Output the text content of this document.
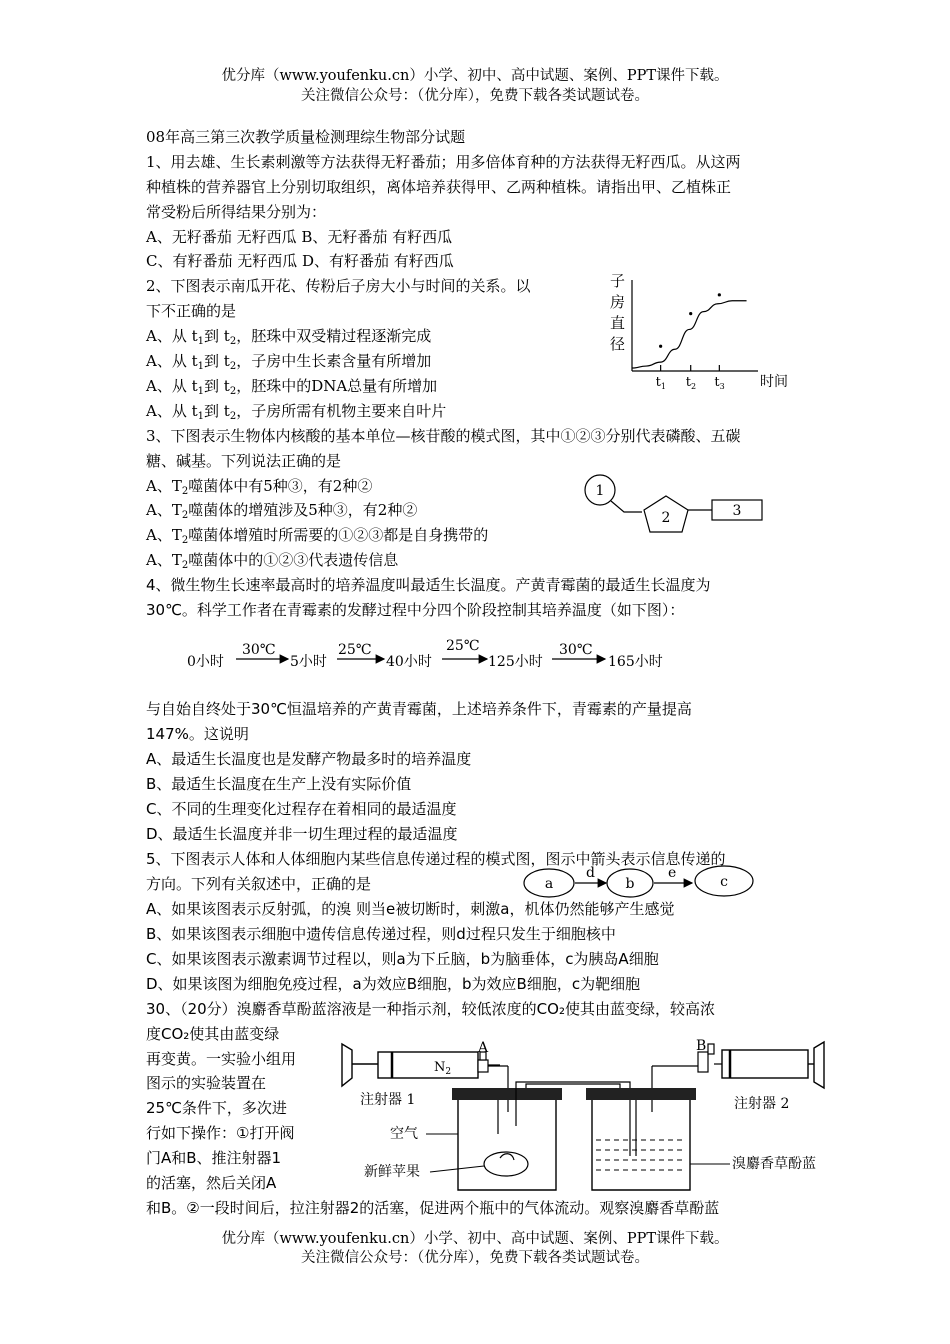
优分库（www.youfenku.cn）小学、初中、高中试题、案例、PPT课件下载。
关注微信公众号：（优分库），免费下载各类试题试卷。
08年高三第三次教学质量检测理综生物部分试题
1、用去雄、生长素刺激等方法获得无籽番茄；用多倍体育种的方法获得无籽西瓜。从这两
种植株的营养器官上分别切取组织，离体培养获得甲、乙两种植株。请指出甲、乙植株正
常受粉后所得结果分别为：
A、无籽番茄 无籽西瓜 B、无籽番茄 有籽西瓜
C、有籽番茄 无籽西瓜 D、有籽番茄 有籽西瓜
2、下图表示南瓜开花、传粉后子房大小与时间的关系。以
下不正确的是
A、从 $t_1$到 $t_2$，胚珠中双受精过程逐渐完成
A、从 $t_1$到 $t_2$，子房中生长素含量有所增加
A、从 $t_1$到 $t_2$，胚珠中的DNA总量有所增加
A、从 $t_1$到 $t_2$，子房所需有机物主要来自叶片
子
房
直
径
$t_1$ $t_2$ $t_3$	时间
3、下图表示生物体内核酸的基本单位—核苷酸的模式图，其中①②③分别代表磷酸、五碳
糖、碱基。下列说法正确的是
A、$T_2$噬菌体中有5种③，有2种②
A、$T_2$噬菌体的增殖涉及5种③，有2种②
A、$T_2$噬菌体增殖时所需要的①②③都是自身携带的
A、$T_2$噬菌体中的①②③代表遗传信息
1
2	3
4、微生物生长速率最高时的培养温度叫最适生长温度。产黄青霉菌的最适生长温度为
30℃。科学工作者在青霉素的发酵过程中分四个阶段控制其培养温度（如下图）：
0小时
30℃
5小时
25℃
40小时
25℃
125小时
30℃
165小时
与自始自终处于30℃恒温培养的产黄青霉菌，上述培养条件下，青霉素的产量提高
147%。这说明
A、最适生长温度也是发酵产物最多时的培养温度
B、最适生长温度在生产上没有实际价值
C、不同的生理变化过程存在着相同的最适温度
D、最适生长温度并非一切生理过程的最适温度
5、下图表示人体和人体细胞内某些信息传递过程的模式图，图示中箭头表示信息传递的
方向。下列有关叙述中，正确的是	a
d
b
e
c
A、如果该图表示反射弧，的溴 则当e被切断时，刺激a，机体仍然能够产生感觉
B、如果该图表示细胞中遗传信息传递过程，则d过程只发生于细胞核中
C、如果该图表示激素调节过程以，则a为下丘脑，b为脑垂体，c为胰岛A细胞
D、如果该图为细胞免疫过程，a为效应B细胞，b为效应B细胞，c为靶细胞
30、（20分）溴麝香草酚蓝溶液是一种指示剂，较低浓度的CO₂使其由蓝变绿，较高浓
度CO₂使其由蓝变绿
再变黄。一实验小组用
图示的实验装置在
25℃条件下，多次进
行如下操作：①打开阀
门A和B、推注射器1
的活塞，然后关闭A
和B。②一段时间后，拉注射器2的活塞，促进两个瓶中的气体流动。观察溴麝香草酚蓝
$N_2$
A	B
注射器 1	注射器 2
空气
新鲜苹果	溴麝香草酚蓝
优分库（www.youfenku.cn）小学、初中、高中试题、案例、PPT课件下载。
关注微信公众号：（优分库），免费下载各类试题试卷。
